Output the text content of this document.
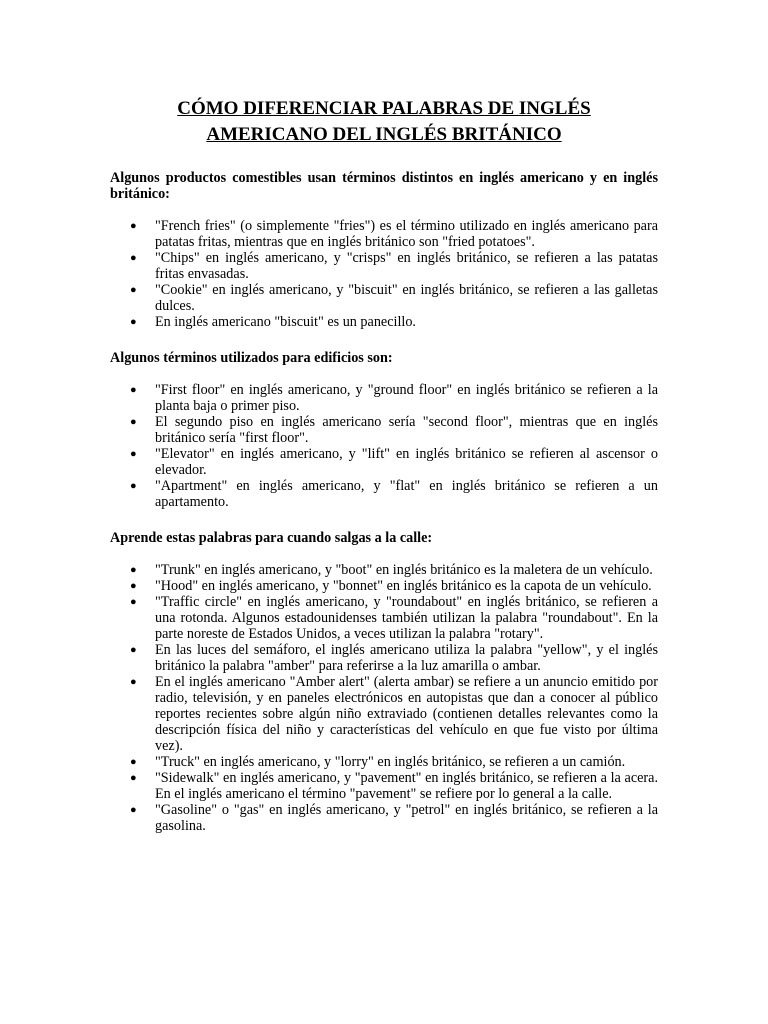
CÓMO DIFERENCIAR PALABRAS DE INGLÉS
AMERICANO DEL INGLÉS BRITÁNICO

Algunos productos comestibles usan términos distintos en inglés americano y en inglés británico:

● "French fries" (o simplemente "fries") es el término utilizado en inglés americano para patatas fritas, mientras que en inglés británico son "fried potatoes".
● "Chips" en inglés americano, y "crisps" en inglés británico, se refieren a las patatas fritas envasadas.
● "Cookie" en inglés americano, y "biscuit" en inglés británico, se refieren a las galletas dulces.
● En inglés americano "biscuit" es un panecillo.

Algunos términos utilizados para edificios son:

● "First floor" en inglés americano, y "ground floor" en inglés británico se refieren a la planta baja o primer piso.
● El segundo piso en inglés americano sería "second floor", mientras que en inglés británico sería "first floor".
● "Elevator" en inglés americano, y "lift" en inglés británico se refieren al ascensor o elevador.
● "Apartment" en inglés americano, y "flat" en inglés británico se refieren a un apartamento.

Aprende estas palabras para cuando salgas a la calle:

● "Trunk" en inglés americano, y "boot" en inglés británico es la maletera de un vehículo.
● "Hood" en inglés americano, y "bonnet" en inglés británico es la capota de un vehículo.
● "Traffic circle" en inglés americano, y "roundabout" en inglés británico, se refieren a una rotonda. Algunos estadounidenses también utilizan la palabra "roundabout". En la parte noreste de Estados Unidos, a veces utilizan la palabra "rotary".
● En las luces del semáforo, el inglés americano utiliza la palabra "yellow", y el inglés británico la palabra "amber" para referirse a la luz amarilla o ambar.
● En el inglés americano "Amber alert" (alerta ambar) se refiere a un anuncio emitido por radio, televisión, y en paneles electrónicos en autopistas que dan a conocer al público reportes recientes sobre algún niño extraviado (contienen detalles relevantes como la descripción física del niño y características del vehículo en que fue visto por última vez).
● "Truck" en inglés americano, y "lorry" en inglés británico, se refieren a un camión.
● "Sidewalk" en inglés americano, y "pavement" en inglés británico, se refieren a la acera. En el inglés americano el término "pavement" se refiere por lo general a la calle.
● "Gasoline" o "gas" en inglés americano, y "petrol" en inglés británico, se refieren a la gasolina.
